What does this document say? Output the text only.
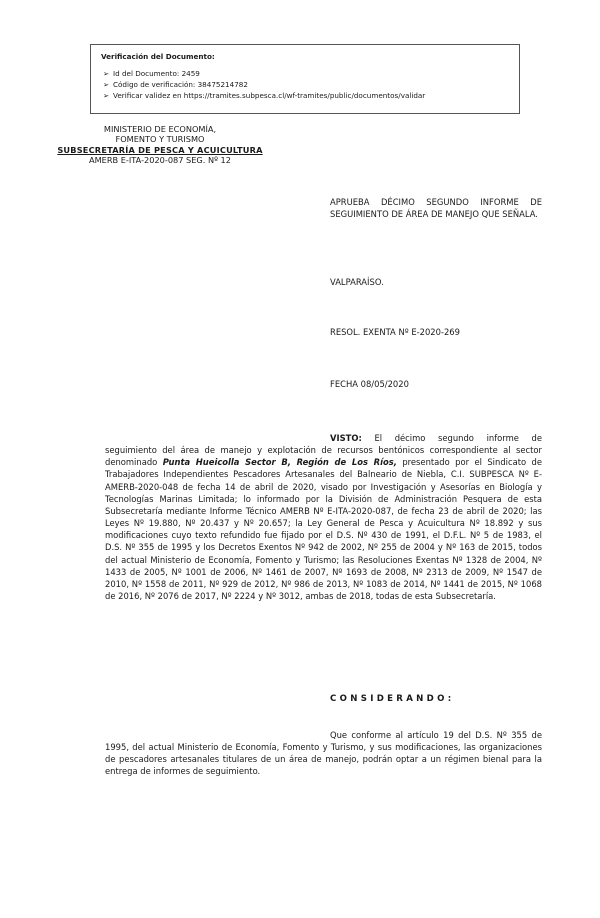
Verificación del Documento:
➢ Id del Documento: 2459
➢ Código de verificación: 38475214782
➢ Verificar validez en https://tramites.subpesca.cl/wf-tramites/public/documentos/validar
MINISTERIO DE ECONOMÍA,
FOMENTO Y TURISMO
SUBSECRETARÍA DE PESCA Y ACUICULTURA
AMERB E-ITA-2020-087 SEG. Nº 12
APRUEBA DÉCIMO SEGUNDO INFORME DE SEGUIMIENTO DE ÁREA DE MANEJO QUE SEÑALA.
VALPARAÍSO.
RESOL. EXENTA Nº E-2020-269
FECHA 08/05/2020
VISTO: El décimo segundo informe de seguimiento del área de manejo y explotación de recursos bentónicos correspondiente al sector denominado Punta Hueicolla Sector B, Región de Los Ríos, presentado por el Sindicato de Trabajadores Independientes Pescadores Artesanales del Balneario de Niebla, C.I. SUBPESCA Nº E-AMERB-2020-048 de fecha 14 de abril de 2020, visado por Investigación y Asesorías en Biología y Tecnologías Marinas Limitada; lo informado por la División de Administración Pesquera de esta Subsecretaría mediante Informe Técnico AMERB Nº E-ITA-2020-087, de fecha 23 de abril de 2020; las Leyes Nº 19.880, Nº 20.437 y Nº 20.657; la Ley General de Pesca y Acuicultura Nº 18.892 y sus modificaciones cuyo texto refundido fue fijado por el D.S. Nº 430 de 1991, el D.F.L. Nº 5 de 1983, el D.S. Nº 355 de 1995 y los Decretos Exentos Nº 942 de 2002, Nº 255 de 2004 y Nº 163 de 2015, todos del actual Ministerio de Economía, Fomento y Turismo; las Resoluciones Exentas Nº 1328 de 2004, Nº 1433 de 2005, Nº 1001 de 2006, Nº 1461 de 2007, Nº 1693 de 2008, Nº 2313 de 2009, Nº 1547 de 2010, Nº 1558 de 2011, Nº 929 de 2012, Nº 986 de 2013, Nº 1083 de 2014, Nº 1441 de 2015, Nº 1068 de 2016, Nº 2076 de 2017, Nº 2224 y Nº 3012, ambas de 2018, todas de esta Subsecretaría.
CONSIDERANDO:
Que conforme al artículo 19 del D.S. Nº 355 de 1995, del actual Ministerio de Economía, Fomento y Turismo, y sus modificaciones, las organizaciones de pescadores artesanales titulares de un área de manejo, podrán optar a un régimen bienal para la entrega de informes de seguimiento.
